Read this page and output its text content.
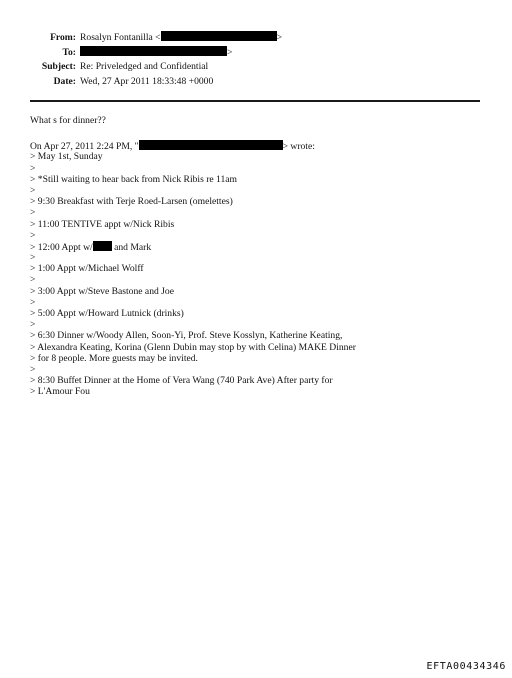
From: Rosalyn Fontanilla <	>
To:	>
Subject: Re: Priveledged and Confidential
Date: Wed, 27 Apr 2011 18:33:48 +0000
What s for dinner??
On Apr 27, 2011 2:24 PM, "	> wrote:
> May 1st, Sunday
>
> *Still waiting to hear back from Nick Ribis re 11am
>
> 9:30 Breakfast with Terje Roed-Larsen (omelettes)
>
> 11:00 TENTIVE appt w/Nick Ribis
>
> 12:00 Appt w/ and Mark
>
> 1:00 Appt w/Michael Wolff
>
> 3:00 Appt w/Steve Bastone and Joe
>
> 5:00 Appt w/Howard Lutnick (drinks)
>
> 6:30 Dinner w/Woody Allen, Soon-Yi, Prof. Steve Kosslyn, Katherine Keating,
> Alexandra Keating, Korina (Glenn Dubin may stop by with Celina) MAKE Dinner
> for 8 people. More guests may be invited.
>
> 8:30 Buffet Dinner at the Home of Vera Wang (740 Park Ave) After party for
> L'Amour Fou
EFTA00434346
